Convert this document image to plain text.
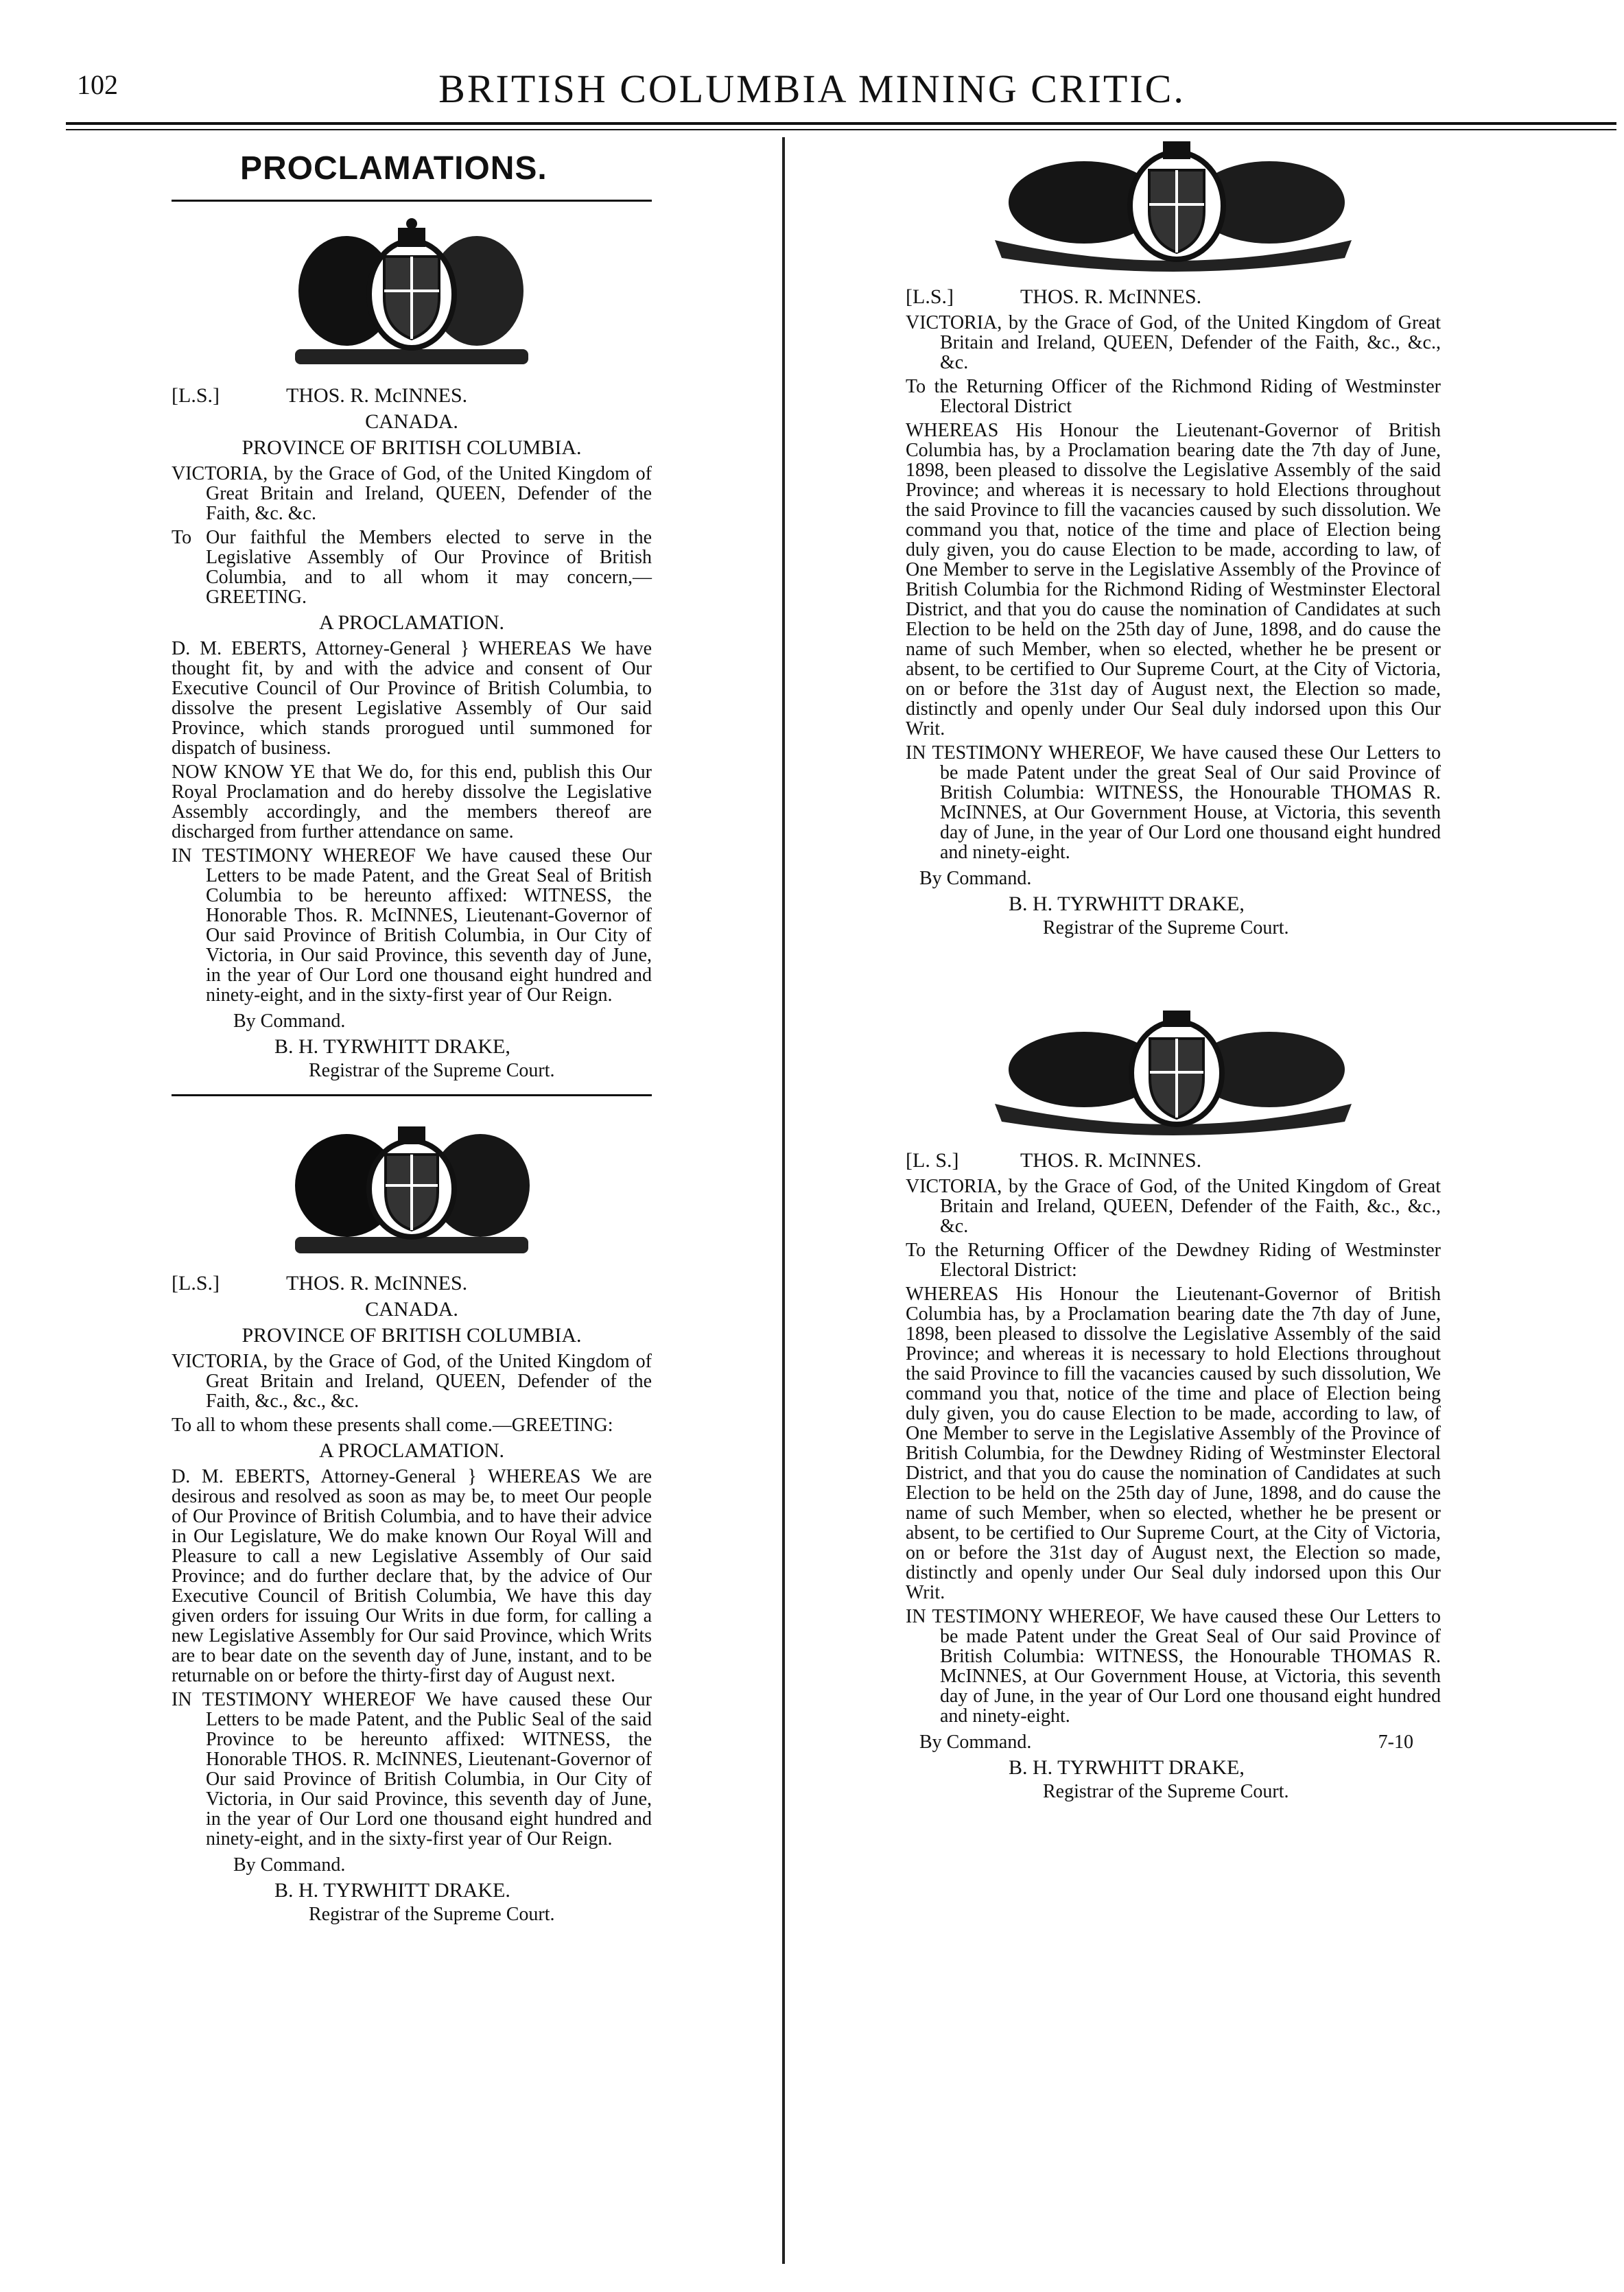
102	BRITISH COLUMBIA MINING CRITIC.
PROCLAMATIONS.
[L.S.]	THOS. R. McINNES.
CANADA.
PROVINCE OF BRITISH COLUMBIA.
VICTORIA, by the Grace of God, of the United Kingdom of Great Britain and Ireland, QUEEN, Defender of the Faith, &c. &c.
To Our faithful the Members elected to serve in the Legislative Assembly of Our Province of British Columbia, and to all whom it may concern,—GREETING.
A PROCLAMATION.
D. M. EBERTS, Attorney-General } WHEREAS We have thought fit, by and with the advice and consent of Our Executive Council of Our Province of British Columbia, to dissolve the present Legislative Assembly of Our said Province, which stands prorogued until summoned for dispatch of business.
NOW KNOW YE that We do, for this end, publish this Our Royal Proclamation and do hereby dissolve the Legislative Assembly accordingly, and the members thereof are discharged from further attendance on same.
IN TESTIMONY WHEREOF We have caused these Our Letters to be made Patent, and the Great Seal of British Columbia to be hereunto affixed: WITNESS, the Honorable Thos. R. McINNES, Lieutenant-Governor of Our said Province of British Columbia, in Our City of Victoria, in Our said Province, this seventh day of June, in the year of Our Lord one thousand eight hundred and ninety-eight, and in the sixty-first year of Our Reign.
By Command.
B. H. TYRWHITT DRAKE,
Registrar of the Supreme Court.
[L.S.]	THOS. R. McINNES.
CANADA.
PROVINCE OF BRITISH COLUMBIA.
VICTORIA, by the Grace of God, of the United Kingdom of Great Britain and Ireland, QUEEN, Defender of the Faith, &c., &c., &c.
To all to whom these presents shall come.—GREETING:
A PROCLAMATION.
D. M. EBERTS, Attorney-General } WHEREAS We are desirous and resolved as soon as may be, to meet Our people of Our Province of British Columbia, and to have their advice in Our Legislature, We do make known Our Royal Will and Pleasure to call a new Legislative Assembly of Our said Province; and do further declare that, by the advice of Our Executive Council of British Columbia, We have this day given orders for issuing Our Writs in due form, for calling a new Legislative Assembly for Our said Province, which Writs are to bear date on the seventh day of June, instant, and to be returnable on or before the thirty-first day of August next.
IN TESTIMONY WHEREOF We have caused these Our Letters to be made Patent, and the Public Seal of the said Province to be hereunto affixed: WITNESS, the Honorable THOS. R. McINNES, Lieutenant-Governor of Our said Province of British Columbia, in Our City of Victoria, in Our said Province, this seventh day of June, in the year of Our Lord one thousand eight hundred and ninety-eight, and in the sixty-first year of Our Reign.
By Command.
B. H. TYRWHITT DRAKE.
Registrar of the Supreme Court.
[L.S.]	THOS. R. McINNES.
VICTORIA, by the Grace of God, of the United Kingdom of Great Britain and Ireland, QUEEN, Defender of the Faith, &c., &c., &c.
To the Returning Officer of the Richmond Riding of Westminster Electoral District
WHEREAS His Honour the Lieutenant-Governor of British Columbia has, by a Proclamation bearing date the 7th day of June, 1898, been pleased to dissolve the Legislative Assembly of the said Province; and whereas it is necessary to hold Elections throughout the said Province to fill the vacancies caused by such dissolution. We command you that, notice of the time and place of Election being duly given, you do cause Election to be made, according to law, of One Member to serve in the Legislative Assembly of the Province of British Columbia for the Richmond Riding of Westminster Electoral District, and that you do cause the nomination of Candidates at such Election to be held on the 25th day of June, 1898, and do cause the name of such Member, when so elected, whether he be present or absent, to be certified to Our Supreme Court, at the City of Victoria, on or before the 31st day of August next, the Election so made, distinctly and openly under Our Seal duly indorsed upon this Our Writ.
IN TESTIMONY WHEREOF, We have caused these Our Letters to be made Patent under the great Seal of Our said Province of British Columbia: WITNESS, the Honourable THOMAS R. McINNES, at Our Government House, at Victoria, this seventh day of June, in the year of Our Lord one thousand eight hundred and ninety-eight.
By Command.
B. H. TYRWHITT DRAKE,
Registrar of the Supreme Court.
[L. S.]	THOS. R. McINNES.
VICTORIA, by the Grace of God, of the United Kingdom of Great Britain and Ireland, QUEEN, Defender of the Faith, &c., &c., &c.
To the Returning Officer of the Dewdney Riding of Westminster Electoral District:
WHEREAS His Honour the Lieutenant-Governor of British Columbia has, by a Proclamation bearing date the 7th day of June, 1898, been pleased to dissolve the Legislative Assembly of the said Province; and whereas it is necessary to hold Elections throughout the said Province to fill the vacancies caused by such dissolution, We command you that, notice of the time and place of Election being duly given, you do cause Election to be made, according to law, of One Member to serve in the Legislative Assembly of the Province of British Columbia, for the Dewdney Riding of Westminster Electoral District, and that you do cause the nomination of Candidates at such Election to be held on the 25th day of June, 1898, and do cause the name of such Member, when so elected, whether he be present or absent, to be certified to Our Supreme Court, at the City of Victoria, on or before the 31st day of August next, the Election so made, distinctly and openly under Our Seal duly indorsed upon this Our Writ.
IN TESTIMONY WHEREOF, We have caused these Our Letters to be made Patent under the Great Seal of Our said Province of British Columbia: WITNESS, the Honourable THOMAS R. McINNES, at Our Government House, at Victoria, this seventh day of June, in the year of Our Lord one thousand eight hundred and ninety-eight.
By Command.	7-10
B. H. TYRWHITT DRAKE,
Registrar of the Supreme Court.
